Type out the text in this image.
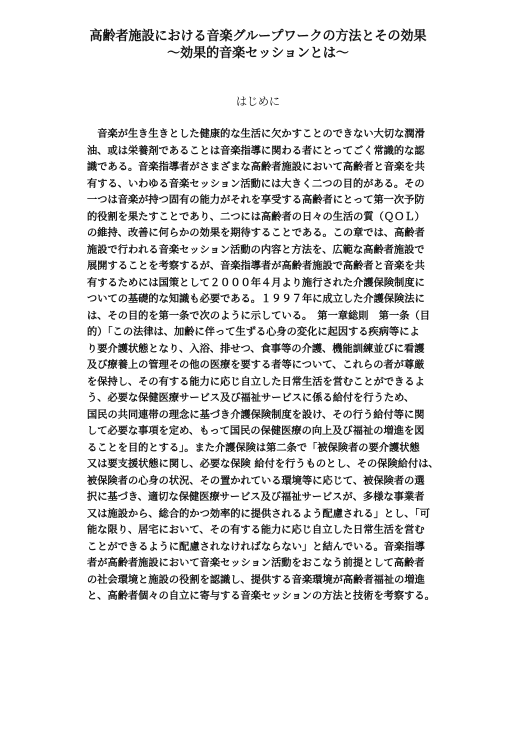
高齢者施設における音楽グループワークの方法とその効果
〜効果的音楽セッションとは〜
はじめに
　音楽が生き生きとした健康的な生活に欠かすことのできない大切な潤滑
油、或は栄養剤であることは音楽指導に関わる者にとってごく常識的な認
識である。音楽指導者がさまざまな高齢者施設において高齢者と音楽を共
有する、いわゆる音楽セッション活動には大きく二つの目的がある。その
一つは音楽が持つ固有の能力がそれを享受する高齢者にとって第一次予防
的役割を果たすことであり、二つには高齢者の日々の生活の質（ＱＯＬ）
の維持、改善に何らかの効果を期待することである。この章では、高齢者
施設で行われる音楽セッション活動の内容と方法を、広範な高齢者施設で
展開することを考察するが、音楽指導者が高齢者施設で高齢者と音楽を共
有するためには国策として２０００年４月より施行された介護保険制度に
ついての基礎的な知識も必要である。１９９７年に成立した介護保険法に
は、その目的を第一条で次のように示している。　第一章総則　第一条（目
的）「この法律は、加齢に伴って生ずる心身の変化に起因する疾病等によ
り要介護状態となり、入浴、排せつ、食事等の介護、機能訓練並びに看護
及び療養上の管理その他の医療を要する者等について、これらの者が尊厳
を保持し、その有する能力に応じ自立した日常生活を営むことができるよ
う、必要な保健医療サービス及び福祉サービスに係る給付を行うため、
国民の共同連帯の理念に基づき介護保険制度を設け、その行う給付等に関
して必要な事項を定め、もって国民の保健医療の向上及び福祉の増進を図
ることを目的とする」。また介護保険は第二条で「被保険者の要介護状態
又は要支援状態に関し、必要な保険 給付を行うものとし、その保険給付は、
被保険者の心身の状況、その置かれている環境等に応じて、被保険者の選
択に基づき、適切な保健医療サービス及び福祉サービスが、多様な事業者
又は施設から、総合的かつ効率的に提供されるよう配慮される」とし、「可
能な限り、居宅において、その有する能力に応じ自立した日常生活を営む
ことができるように配慮されなければならない」と結んでいる。音楽指導
者が高齢者施設において音楽セッション活動をおこなう前提として高齢者
の社会環境と施設の役割を認識し、提供する音楽環境が高齢者福祉の増進
と、高齢者個々の自立に寄与する音楽セッションの方法と技術を考察する。
